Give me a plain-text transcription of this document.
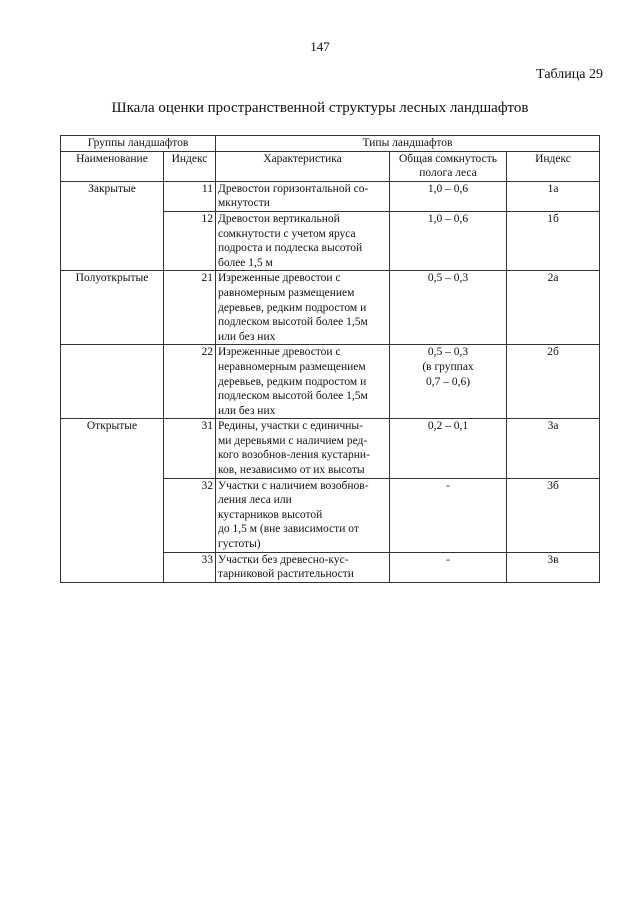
147
Таблица 29
Шкала оценки пространственной структуры лесных ландшафтов
Группы ландшафтов		Типы ландшафтов		
Наименование	Индекс	Характеристика	Общая сомкнутость
полога леса	Индекс
Закрытые	11	Древостои горизонтальной со-
мкнутости	1,0 – 0,6	1а
	12	Древостои вертикальной
сомкнутости с учетом яруса
подроста и подлеска высотой
более 1,5 м	1,0 – 0,6	1б
Полуоткрытые	21	Изреженные древостои с
равномерным размещением
деревьев, редким подростом и
подлеском высотой более 1,5м
или без них	0,5 – 0,3	2а
	22	Изреженные древостои с
неравномерным размещением
деревьев, редким подростом и
подлеском высотой более 1,5м
или без них	0,5 – 0,3
(в группах
0,7 – 0,6)	2б
Открытые	31	Редины, участки с единичны-
ми деревьями с наличием ред-
кого возобнов-ления кустарни-
ков, независимо от их высоты	0,2 – 0,1	3а
	32	Участки с наличием возобнов-
ления леса или
кустарников высотой
до 1,5 м (вне зависимости от
густоты)	-	3б
	33	Участки без древесно-кус-
тарниковой растительности	-	3в
